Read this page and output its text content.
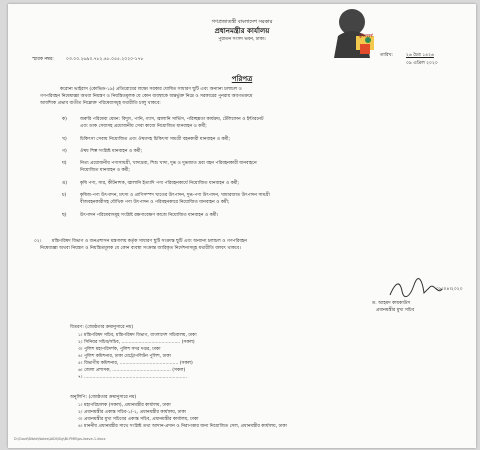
গণপ্রজাতন্ত্রী বাংলাদেশ সরকার
প্রধানমন্ত্রীর কার্যালয়
পুরাতন সংসদ ভবন, ঢাকা।
মুজিববর্ষ
স্মারক নম্বর:	০৩.০০.২৬৯০.৭৮২.৪৮.০৫৫.২০২০-১৭৮
তারিখ:	২৬ চৈত্র ১৪২৬
০৯ এপ্রিল ২০২০
পরিপত্র
করোনা ভাইরাস (কোভিড-১৯) প্রতিরোধের লক্ষ্যে সরকার ঘোষিত সাধারণ ছুটি এবং অন্যান্য চলাচল ও
গণপরিবহন নিষেধাজ্ঞা অথবা নিয়ন্ত্রণ ও নিয়ন্ত্রিতমূলক যে কোন ব্যবস্থাকে অন্তর্ভুক্ত নিম্নে ও সরকারের পুনরায় অবগতক্রমে
আবশ্যিক প্রভাব ব্যতীত নিম্নোক্ত পরিষেবাসমূহ যথারীতি চালু থাকবে:
ক)	জরুরি পরিষেবা যেমন: বিদ্যুৎ, পানি, গ্যাস, জ্বালানি সার্ভিস, পরিচ্ছন্নতা কার্যক্রম, টেলিফোন ও ইন্টারনেট
এবং ডাক সেবাসহ প্রয়োজনীয় সেবা কাজে নিয়োজিত যানবাহন ও কর্মী;
খ)	চিকিৎসা সেবায় নিয়োজিত এবং ঔষধসহ চিকিৎসা সামগ্রী বহনকারী যানবাহন ও কর্মী;
গ)	ঔষধ শিল্প সংশ্লিষ্ট যানবাহন ও কর্মী;
ঘ)	নিত্য প্রয়োজনীয় পণ্যসামগ্রী, খাদ্যদ্রব্য, শিশু খাদ্য, দুগ্ধ ও দুগ্ধজাত দ্রব্য বহন পরিবহনকারী যানবাহনে
নিয়োজিত যানবাহন ও কর্মী;
ঙ)	কৃষি পণ্য, সার, কীটনাশক, জ্বালানি ইত্যাদি পণ্য পরিবহনকার্যে নিয়োজিত যানবাহন ও কর্মী;
চ)	কৃষিজ-পণ্য উৎপাদন, মৎস্য ও প্রাণিসম্পদ খাতের উৎপাদন, দুগ্ধ-পণ্য উৎপাদন, খামারজাত উৎপাদন সামগ্রী
বীজবহনকারীসহ যৌথিক পণ্য উৎপাদন ও পরিবহনকারে নিয়োজিত যানবাহন ও কর্মী;
ছ)	উৎপাদন পরিষেবাসমূহ সংশ্লিষ্ট রক্ষণাবেক্ষণ কাজে নিয়োজিত যানবাহন ও কর্মী।
০২। মন্ত্রিপরিষদ বিভাগ ও জনপ্রশাসন মন্ত্রণালয় কর্তৃক সাধারণ ছুটি সংক্রান্ত ছুটি এবং অন্যান্য চলাচল ও গণপরিবহন
নিষেধাজ্ঞা অথবা নিয়ন্ত্রণ ও নিয়ন্ত্রিতমূলক যে কোন ব্যবস্থা সংক্রান্ত জারিকৃত নির্দেশনাসমূহ যথারীতি বলবৎ থাকবে।
০৯।০৪।২০২০
ড. আহমদ কায়কাউস
প্রধানমন্ত্রীর মুখ্য সচিব
বিতরণ: (জ্যেষ্ঠতার ক্রমানুসারে নয়)
১। মন্ত্রিপরিষদ সচিব, মন্ত্রিপরিষদ বিভাগ, বাংলাদেশ সচিবালয়, ঢাকা
২। সিনিয়র সচিব/সচিব, ......................................... (সকল)
৩। পুলিশ মহাপরিদর্শক, পুলিশ সদর দপ্তর, ঢাকা
৪। পুলিশ কমিশনার, ঢাকা মেট্রোপলিটন পুলিশ, ঢাকা
৫। বিভাগীয় কমিশনার, ......................................... (সকল)
৬। জেলা প্রশাসক, ......................................... (সকল)
৭। ........................................................................
অনুলিপি: (জ্যেষ্ঠতার ক্রমানুসারে নয়)
১। মহাপরিচালক (সকল), প্রধানমন্ত্রীর কার্যালয়, ঢাকা
২। প্রধানমন্ত্রীর একান্ত সচিব-১/-২, প্রধানমন্ত্রীর কার্যালয়, ঢাকা
৩। প্রধানমন্ত্রীর মুখ্য সচিবের একান্ত সচিব, প্রধানমন্ত্রীর কার্যালয়, ঢাকা
৪। মাননীয় প্রধানমন্ত্রীর সাথে সংশ্লিষ্ট তথ্য আদান-প্রদান ও নিরাপত্তার জন্য নিয়োজিত সেল, প্রধানমন্ত্রীর কার্যালয়, ঢাকা
D:\Govt\Bible\Notes\AIDI\Sig\Bl.PMB\ps-leave-1.docx
